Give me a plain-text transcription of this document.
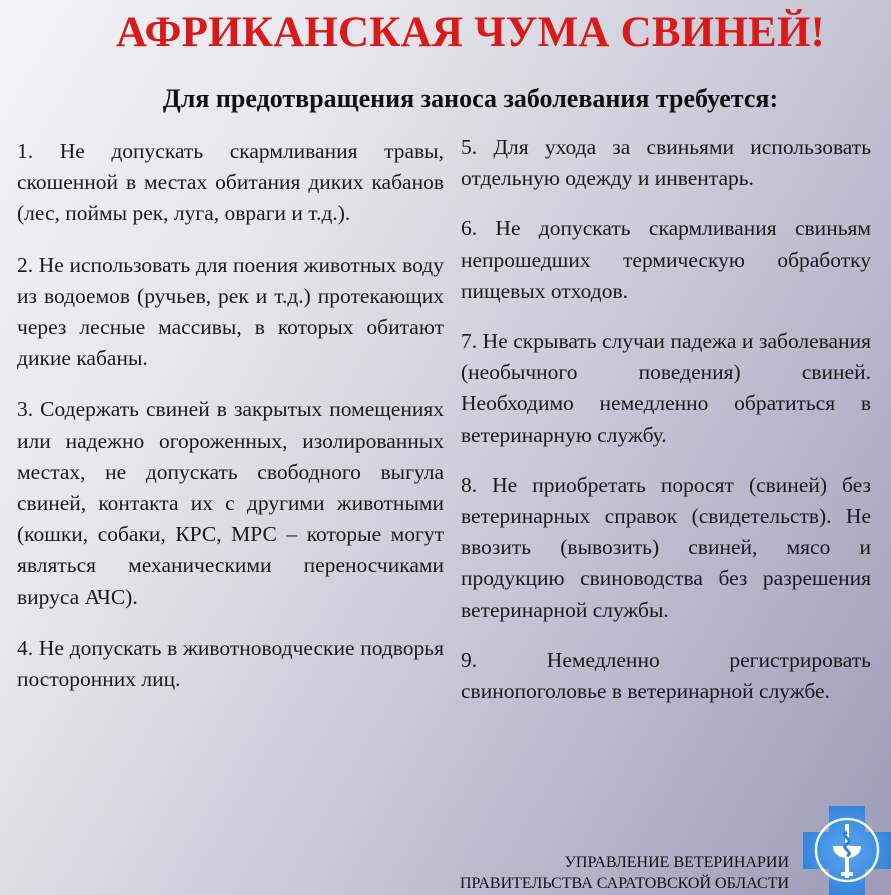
АФРИКАНСКАЯ ЧУМА СВИНЕЙ!
Для предотвращения заноса заболевания требуется:

1. Не допускать скармливания травы, скошенной в местах обитания диких кабанов (лес, поймы рек, луга, овраги и т.д.).

2. Не использовать для поения животных воду из водоемов (ручьев, рек и т.д.) протекающих через лесные массивы, в которых обитают дикие кабаны.

3. Содержать свиней в закрытых помещениях или надежно огороженных, изолированных местах, не допускать свободного выгула свиней, контакта их с другими животными (кошки, собаки, КРС, МРС – которые могут являться механическими переносчиками вируса АЧС).

4. Не допускать в животноводческие подворья посторонних лиц.

5. Для ухода за свиньями использовать отдельную одежду и инвентарь.

6. Не допускать скармливания свиньям непрошедших термическую обработку пищевых отходов.

7. Не скрывать случаи падежа и заболевания (необычного поведения) свиней. Необходимо немедленно обратиться в ветеринарную службу.

8. Не приобретать поросят (свиней) без ветеринарных справок (свидетельств). Не ввозить (вывозить) свиней, мясо и продукцию свиноводства без разрешения ветеринарной службы.

9. Немедленно регистрировать свинопоголовье в ветеринарной службе.

УПРАВЛЕНИЕ ВЕТЕРИНАРИИ
ПРАВИТЕЛЬСТВА САРАТОВСКОЙ ОБЛАСТИ
